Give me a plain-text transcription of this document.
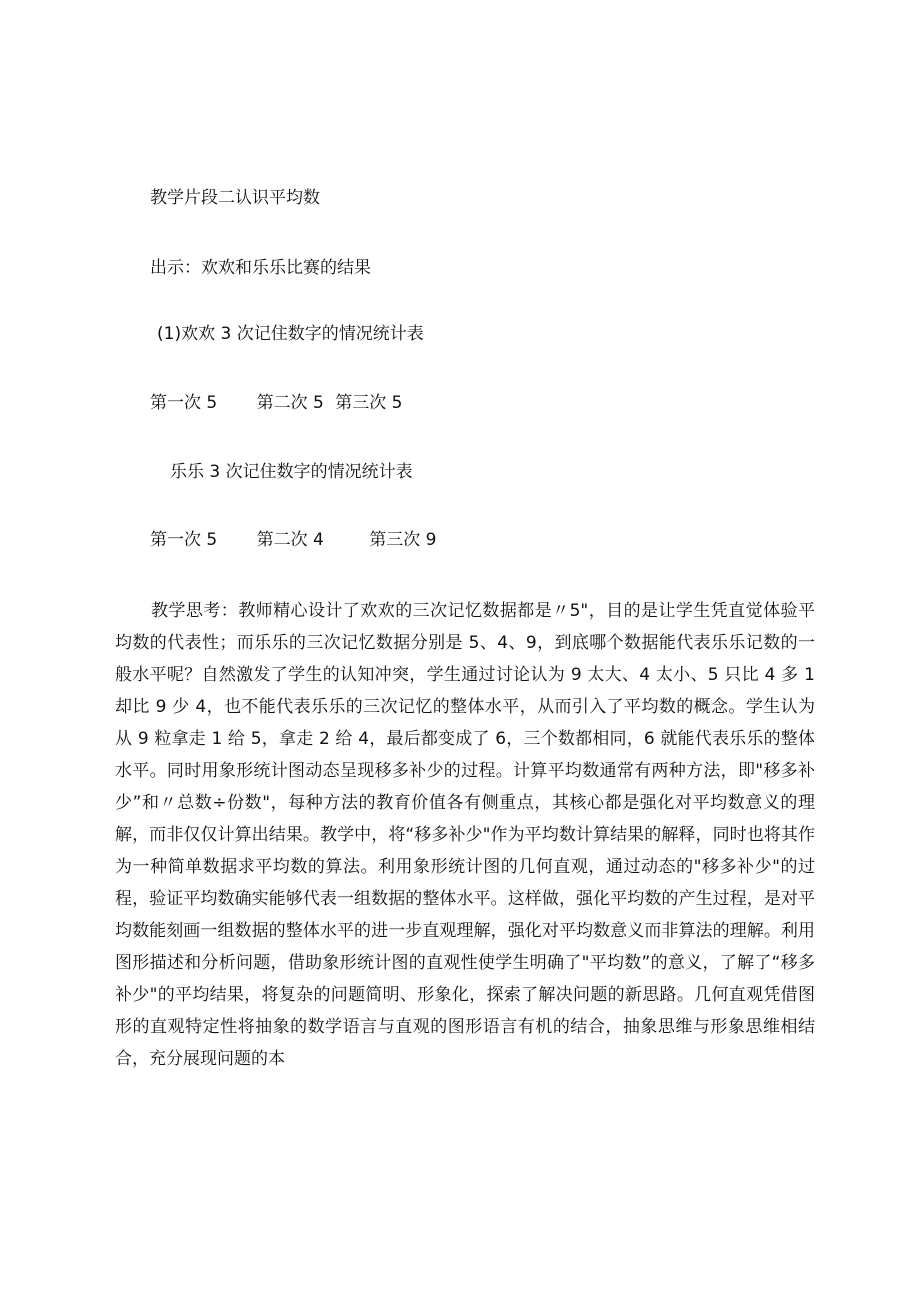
教学片段二认识平均数
出示：欢欢和乐乐比赛的结果
(1)欢欢 3 次记住数字的情况统计表
第一次 5 第二次 5 第三次 5
乐乐 3 次记住数字的情况统计表
第一次 5 第二次 4	第三次 9

教学思考：教师精心设计了欢欢的三次记忆数据都是〃5"，目的是让学生凭直觉体验平均数的代表性；而乐乐的三次记忆数据分别是 5、4、9，到底哪个数据能代表乐乐记数的一般水平呢？自然激发了学生的认知冲突，学生通过讨论认为 9 太大、4 太小、5 只比 4 多 1 却比 9 少 4，也不能代表乐乐的三次记忆的整体水平，从而引入了平均数的概念。学生认为从 9 粒拿走 1 给 5，拿走 2 给 4，最后都变成了 6，三个数都相同，6 就能代表乐乐的整体水平。同时用象形统计图动态呈现移多补少的过程。计算平均数通常有两种方法，即"移多补少”和〃总数÷份数"，每种方法的教育价值各有侧重点，其核心都是强化对平均数意义的理解，而非仅仅计算出结果。教学中，将“移多补少"作为平均数计算结果的解释，同时也将其作为一种简单数据求平均数的算法。利用象形统计图的几何直观，通过动态的"移多补少"的过程，验证平均数确实能够代表一组数据的整体水平。这样做，强化平均数的产生过程，是对平均数能刻画一组数据的整体水平的进一步直观理解，强化对平均数意义而非算法的理解。利用图形描述和分析问题，借助象形统计图的直观性使学生明确了"平均数”的意义，了解了“移多补少"的平均结果，将复杂的问题简明、形象化，探索了解决问题的新思路。几何直观凭借图形的直观特定性将抽象的数学语言与直观的图形语言有机的结合，抽象思维与形象思维相结合，充分展现问题的本
